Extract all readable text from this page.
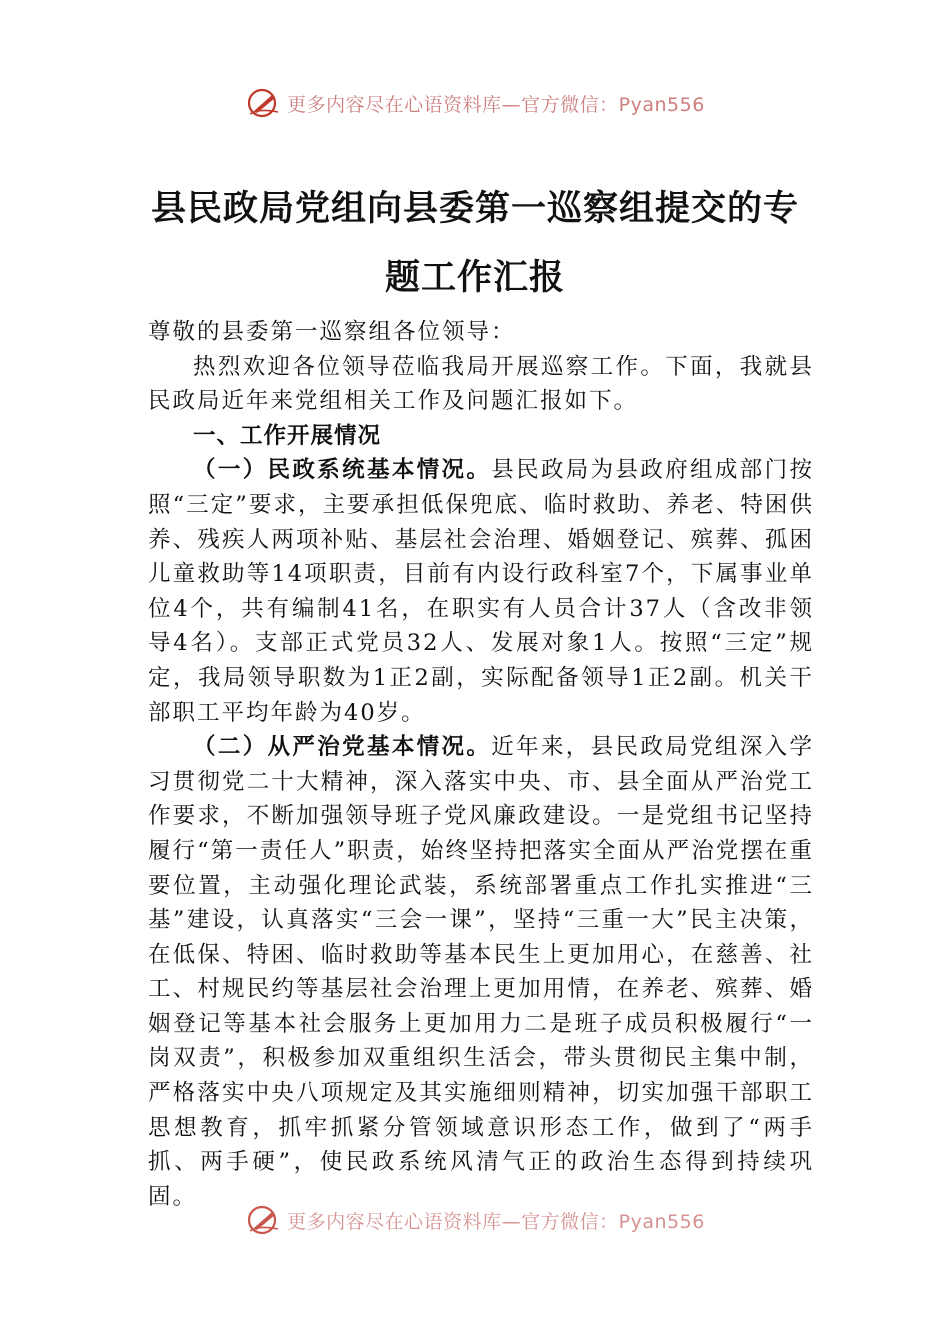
更多内容尽在心语资料库—官方微信：Pyan556
县民政局党组向县委第一巡察组提交的专
题工作汇报

尊敬的县委第一巡察组各位领导：

热烈欢迎各位领导莅临我局开展巡察工作。下面，我就县民政局近年来党组相关工作及问题汇报如下。

一、工作开展情况

（一）民政系统基本情况。县民政局为县政府组成部门按照“三定”要求，主要承担低保兜底、临时救助、养老、特困供养、残疾人两项补贴、基层社会治理、婚姻登记、殡葬、孤困儿童救助等14项职责，目前有内设行政科室7个，下属事业单位4个，共有编制41名，在职实有人员合计37人（含改非领导4名）。支部正式党员32人、发展对象1人。按照“三定”规定，我局领导职数为1正2副，实际配备领导1正2副。机关干部职工平均年龄为40岁。

（二）从严治党基本情况。近年来，县民政局党组深入学习贯彻党二十大精神，深入落实中央、市、县全面从严治党工作要求，不断加强领导班子党风廉政建设。一是党组书记坚持履行“第一责任人”职责，始终坚持把落实全面从严治党摆在重要位置，主动强化理论武装，系统部署重点工作扎实推进“三基”建设，认真落实“三会一课”，坚持“三重一大”民主决策，在低保、特困、临时救助等基本民生上更加用心，在慈善、社工、村规民约等基层社会治理上更加用情，在养老、殡葬、婚姻登记等基本社会服务上更加用力二是班子成员积极履行“一岗双责”，积极参加双重组织生活会，带头贯彻民主集中制，严格落实中央八项规定及其实施细则精神，切实加强干部职工思想教育，抓牢抓紧分管领域意识形态工作，做到了“两手抓、两手硬”，使民政系统风清气正的政治生态得到持续巩固。

更多内容尽在心语资料库—官方微信：Pyan556
